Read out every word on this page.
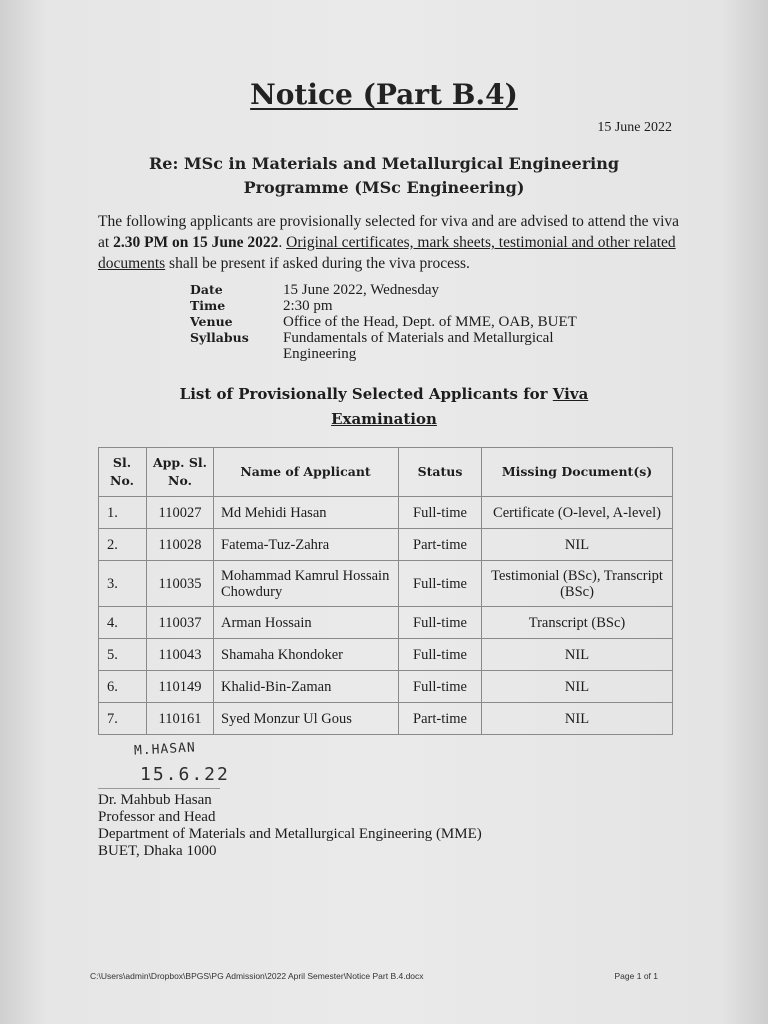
Notice (Part B.4)
15 June 2022
Re: MSc in Materials and Metallurgical Engineering
Programme (MSc Engineering)
The following applicants are provisionally selected for viva and are advised to attend the viva at 2.30 PM on 15 June 2022. Original certificates, mark sheets, testimonial and other related documents shall be present if asked during the viva process.
Date	15 June 2022, Wednesday
Time	2:30 pm
Venue	Office of the Head, Dept. of MME, OAB, BUET
Syllabus	Fundamentals of Materials and Metallurgical Engineering
List of Provisionally Selected Applicants for Viva
Examination
Sl. No.	App. Sl. No.	Name of Applicant	Status	Missing Document(s)
1.	110027	Md Mehidi Hasan	Full-time	Certificate (O-level, A-level)
2.	110028	Fatema-Tuz-Zahra	Part-time	NIL
3.	110035	Mohammad Kamrul Hossain Chowdury	Full-time	Testimonial (BSc), Transcript (BSc)
4.	110037	Arman Hossain	Full-time	Transcript (BSc)
5.	110043	Shamaha Khondoker	Full-time	NIL
6.	110149	Khalid-Bin-Zaman	Full-time	NIL
7.	110161	Syed Monzur Ul Gous	Part-time	NIL
M.HASAN
15.6.22
Dr. Mahbub Hasan
Professor and Head
Department of Materials and Metallurgical Engineering (MME)
BUET, Dhaka 1000
C:\Users\admin\Dropbox\BPGS\PG Admission\2022 April Semester\Notice Part B.4.docx	Page 1 of 1
